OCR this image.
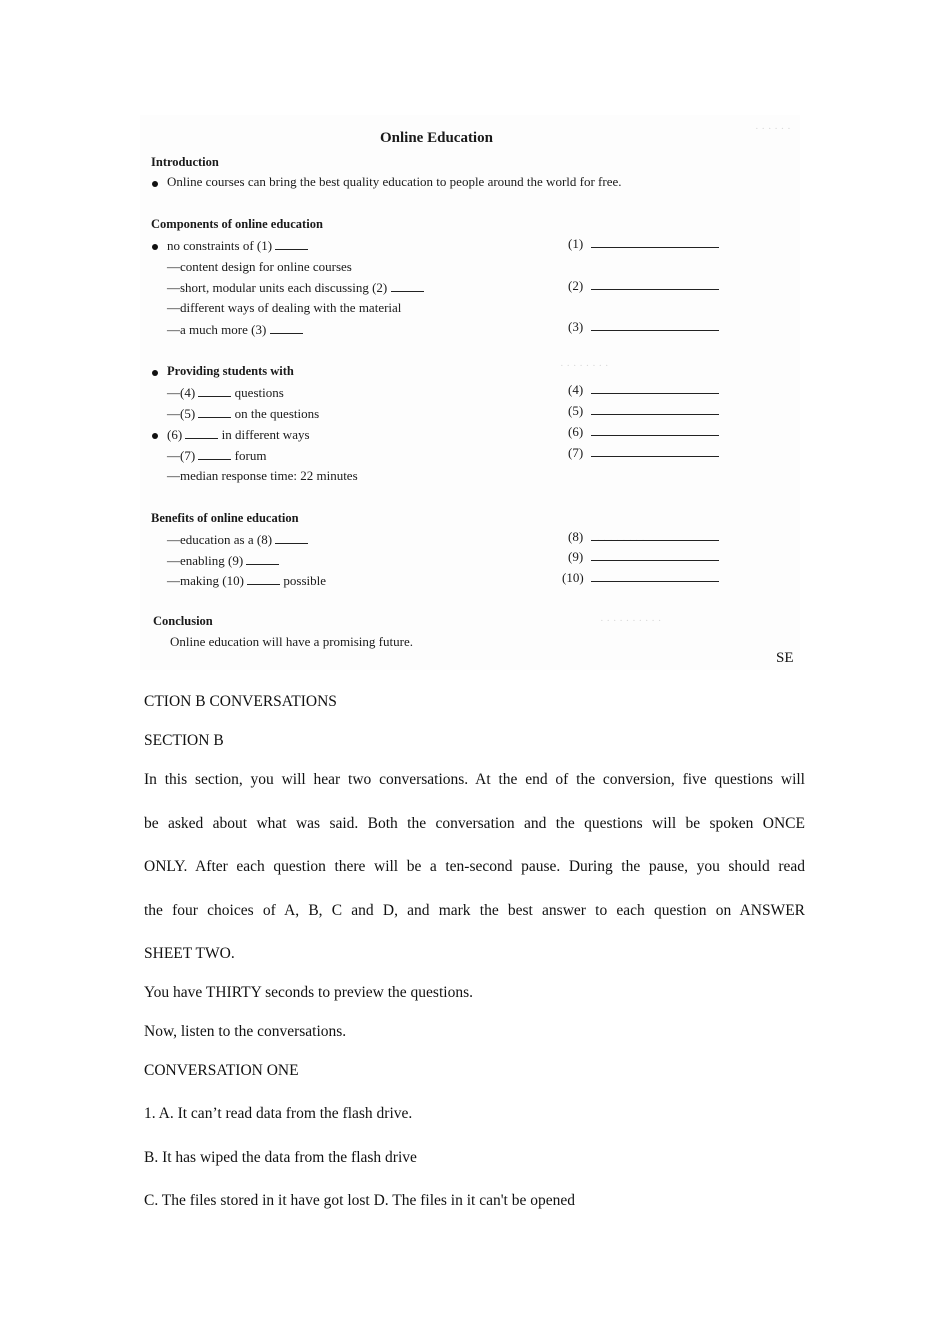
· · · · · ·
· · · · · · · ·
· · · · · · · · ·
· · · · · · · · · ·
Online Education
Introduction
Online courses can bring the best quality education to people around the world for free.
Components of online education
no constraints of (1)
—content design for online courses
—short, modular units each discussing (2)
—different ways of dealing with the material
—a much more (3)
Providing students with
—(4)	questions
—(5)	on the questions
(6)	in different ways
—(7)	forum
—median response time: 22 minutes
Benefits of online education
—education as a (8)
—enabling (9)
—making (10)	possible
Conclusion
Online education will have a promising future.
(1)
(2)
(3)
(4)
(5)
(6)
(7)
(8)
(9)
(10)
SE
CTION B CONVERSATIONS
SECTION B
In this section, you will hear two conversations. At the end of the conversion, five questions will
be asked about what was said. Both the conversation and the questions will be spoken ONCE
ONLY. After each question there will be a ten-second pause. During the pause, you should read
the four choices of A, B, C and D, and mark the best answer to each question on ANSWER
SHEET TWO.
You have THIRTY seconds to preview the questions.
Now, listen to the conversations.
CONVERSATION ONE
1. A. It can’t read data from the flash drive.
B. It has wiped the data from the flash drive
C. The files stored in it have got lost D. The files in it can't be opened
